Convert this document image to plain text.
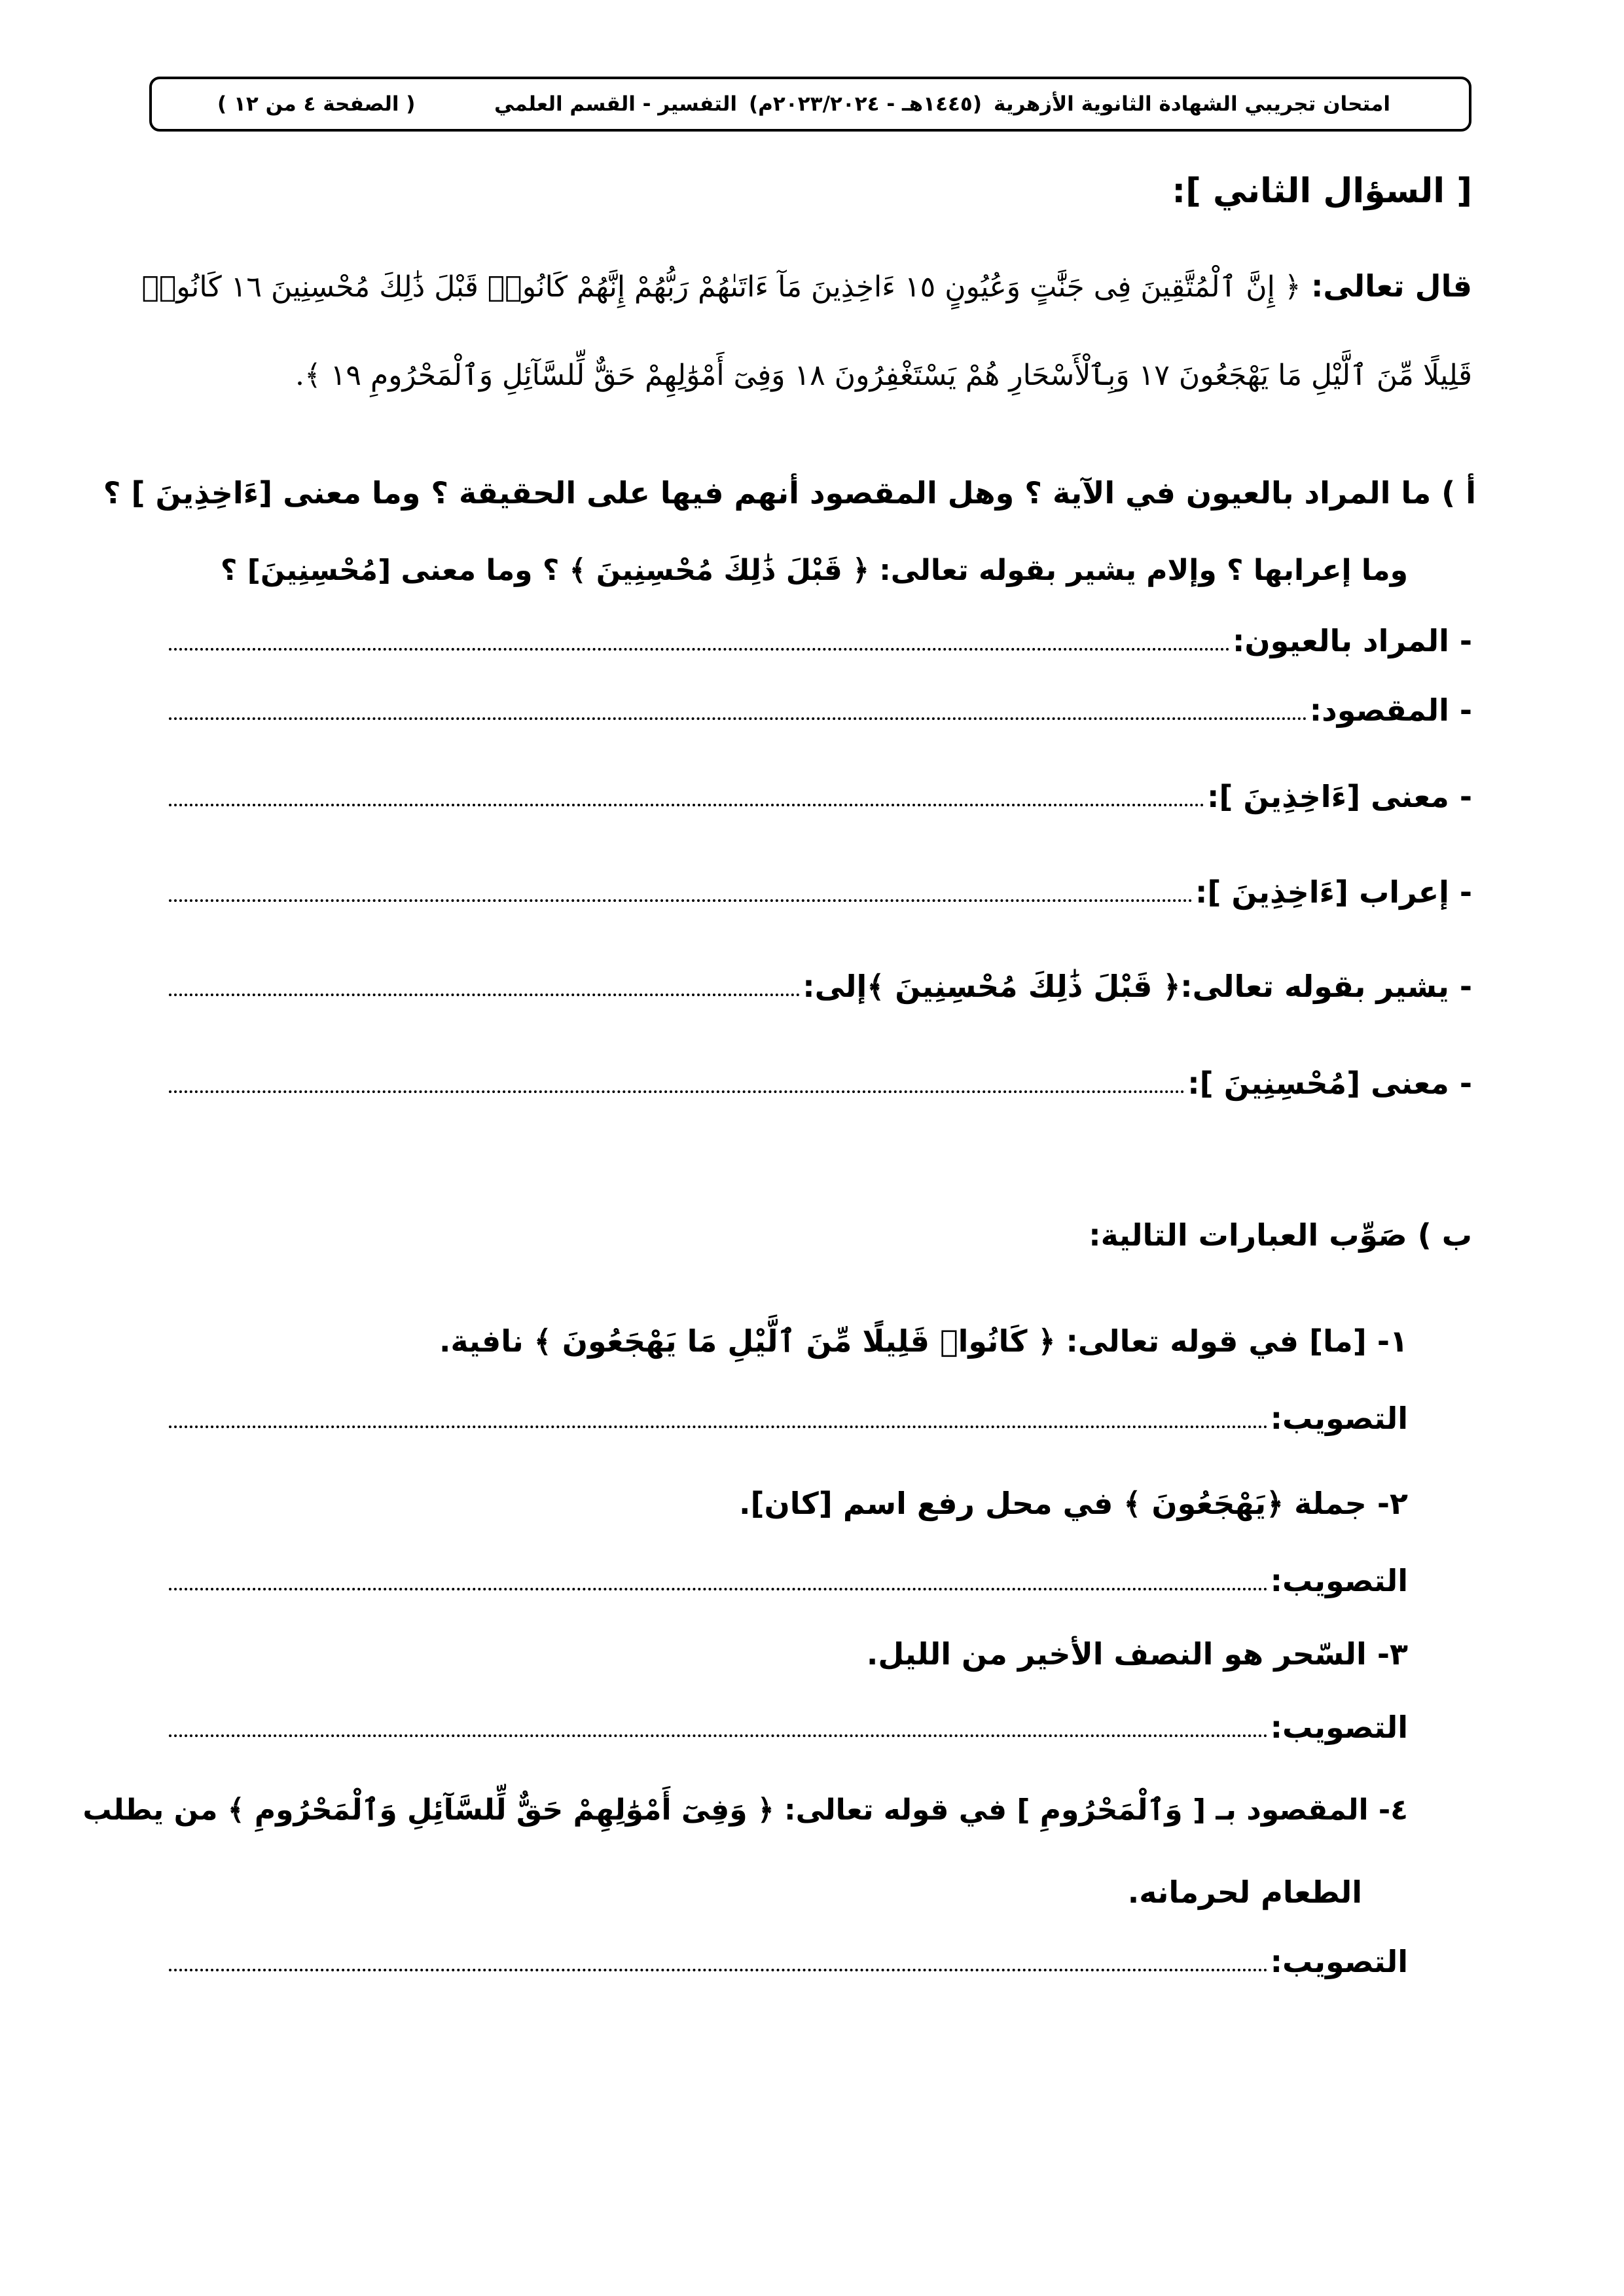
امتحان تجريبي الشهادة الثانوية الأزهرية
(١٤٤٥هـ - ٢٠٢٣/٢٠٢٤م)
التفسير - القسم العلمي
( الصفحة ٤ من ١٢ )
[ السؤال الثاني ]:
قال تعالى: ﴿ إِنَّ ٱلْمُتَّقِينَ فِى جَنَّٰتٍ وَعُيُونٍ ١٥ ءَاخِذِينَ مَآ ءَاتَىٰهُمْ رَبُّهُمْ إِنَّهُمْ كَانُوا۟ قَبْلَ ذَٰلِكَ مُحْسِنِينَ ١٦ كَانُوا۟
قَلِيلًا مِّنَ ٱلَّيْلِ مَا يَهْجَعُونَ ١٧ وَبِٱلْأَسْحَارِ هُمْ يَسْتَغْفِرُونَ ١٨ وَفِىٓ أَمْوَٰلِهِمْ حَقٌّ لِّلسَّآئِلِ وَٱلْمَحْرُومِ ١٩ ﴾.
أ ) ما المراد بالعيون في الآية ؟ وهل المقصود أنهم فيها على الحقيقة ؟ وما معنى [ءَاخِذِينَ ] ؟
وما إعرابها ؟ وإلام يشير بقوله تعالى: ﴿ قَبْلَ ذَٰلِكَ مُحْسِنِينَ ﴾ ؟ وما معنى [مُحْسِنِينَ] ؟
- المراد بالعيون:
- المقصود:
- معنى [ءَاخِذِينَ ]:
- إعراب [ءَاخِذِينَ ]:
- يشير بقوله تعالى:﴿ قَبْلَ ذَٰلِكَ مُحْسِنِينَ ﴾إلى:
- معنى [مُحْسِنِينَ ]:
ب ) صَوِّب العبارات التالية:
١- [ما] في قوله تعالى: ﴿ كَانُوا۟ قَلِيلًا مِّنَ ٱلَّيْلِ مَا يَهْجَعُونَ ﴾ نافية.
التصويب:
٢- جملة ﴿يَهْجَعُونَ ﴾ في محل رفع اسم [كان].
التصويب:
٣- السّحر هو النصف الأخير من الليل.
التصويب:
٤- المقصود بـ [ وَٱلْمَحْرُومِ ] في قوله تعالى: ﴿ وَفِىٓ أَمْوَٰلِهِمْ حَقٌّ لِّلسَّآئِلِ وَٱلْمَحْرُومِ ﴾ من يطلب
الطعام لحرمانه.
التصويب:
